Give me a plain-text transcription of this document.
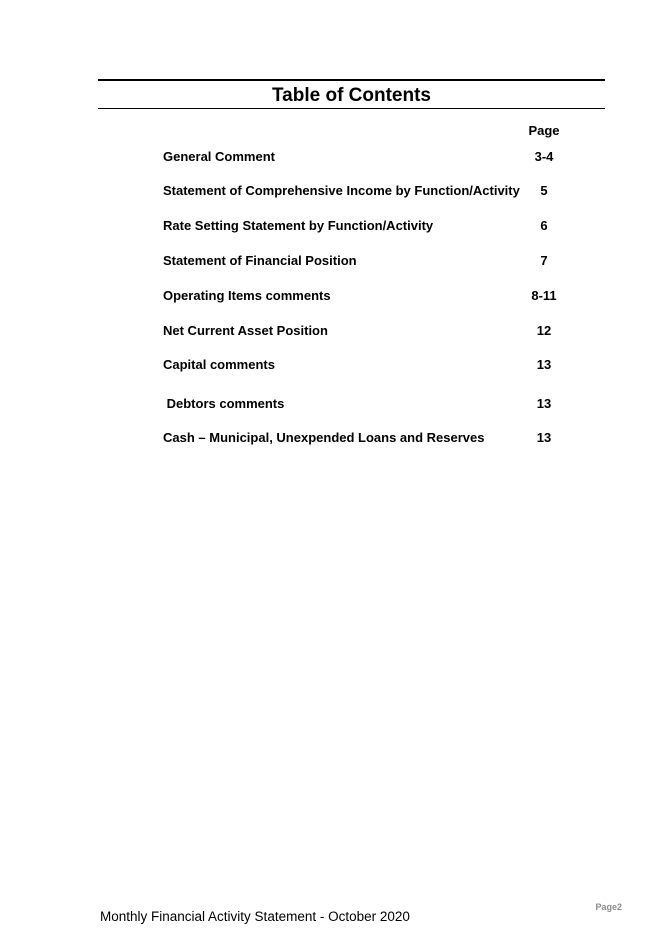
Table of Contents
Page
General Comment	3-4
Statement of Comprehensive Income by Function/Activity	5
Rate Setting Statement by Function/Activity	6
Statement of Financial Position	7
Operating Items comments	8-11
Net Current Asset Position	12
Capital comments	13
Debtors comments	13
Cash – Municipal, Unexpended Loans and Reserves	13
Page2
Monthly Financial Activity Statement - October 2020
